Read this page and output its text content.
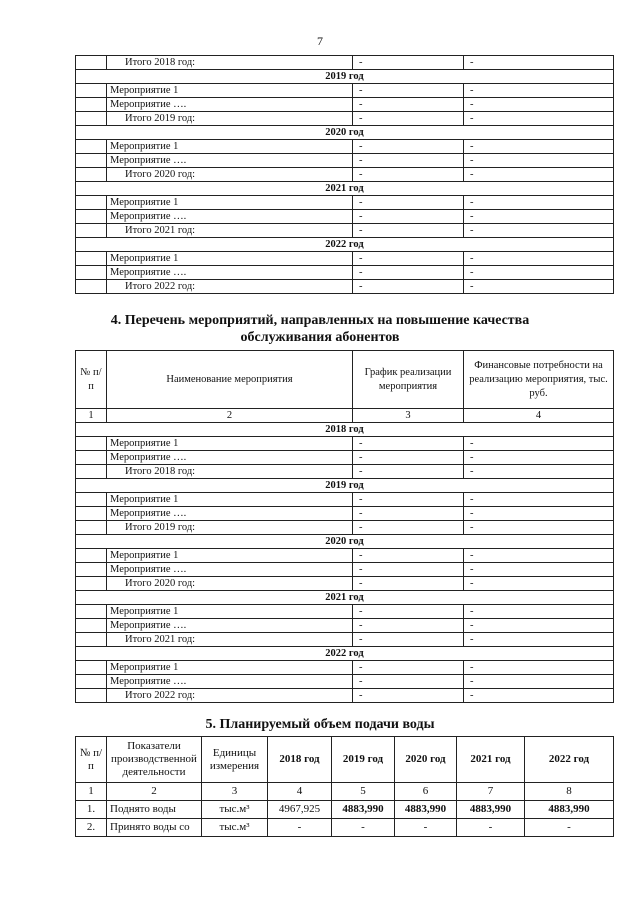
7
	Итого 2018 год:	-	-
2019 год			
	Мероприятие 1	-	-
	Мероприятие ….	-	-
	Итого 2019 год:	-	-
2020 год			
	Мероприятие 1	-	-
	Мероприятие ….	-	-
	Итого 2020 год:	-	-
2021 год			
	Мероприятие 1	-	-
	Мероприятие ….	-	-
	Итого 2021 год:	-	-
2022 год			
	Мероприятие 1	-	-
	Мероприятие ….	-	-
	Итого 2022 год:	-	-
4. Перечень мероприятий, направленных на повышение качества
обслуживания абонентов
№ п/п	Наименование мероприятия	График реализации мероприятия	Финансовые потребности на реализацию мероприятия, тыс. руб.
1	2	3	4
2018 год			
	Мероприятие 1	-	-
	Мероприятие ….	-	-
	Итого 2018 год:	-	-
2019 год			
	Мероприятие 1	-	-
	Мероприятие ….	-	-
	Итого 2019 год:	-	-
2020 год			
	Мероприятие 1	-	-
	Мероприятие ….	-	-
	Итого 2020 год:	-	-
2021 год			
	Мероприятие 1	-	-
	Мероприятие ….	-	-
	Итого 2021 год:	-	-
2022 год			
	Мероприятие 1	-	-
	Мероприятие ….	-	-
	Итого 2022 год:	-	-
5. Планируемый объем подачи воды
№ п/п	Показатели производственной деятельности	Единицы измерения	2018 год	2019 год	2020 год	2021 год	2022 год
1	2	3	4	5	6	7	8
1.	Поднято воды	тыс.м³	4967,925	4883,990	4883,990	4883,990	4883,990
2.	Принято воды со	тыс.м³	-	-	-	-	-
